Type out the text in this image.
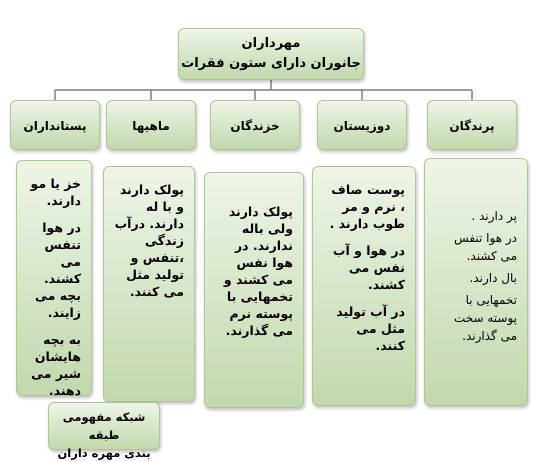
مهرداران
جانوران دارای ستون فقرات
پستانداران	ماهیها	خزندگان	دوزیستان	پرندگان

خز یا مو دارند.

در هوا تنفس می کشند. بچه می زایند.

به بچه هایشان شیر می دهند.

پولک دارند و با له دارند. درآب زندگی ،تنفس و تولید مثل می کنند.

پولک دارند ولی باله ندارند. در هوا نفس می کشند و تخمهایی با پوسته نرم می گذارند.

پوست صاف ، نرم و مر طوب دارند .

در هوا و آب نفس می کشند.

در آب تولید مثل می کنند.

پر دارند .

در هوا تنفس می کشند.

بال دارند.

تخمهایی با پوسته سخت می گذارند.

شبکه مفهومی طبقه
بندی مهره داران
